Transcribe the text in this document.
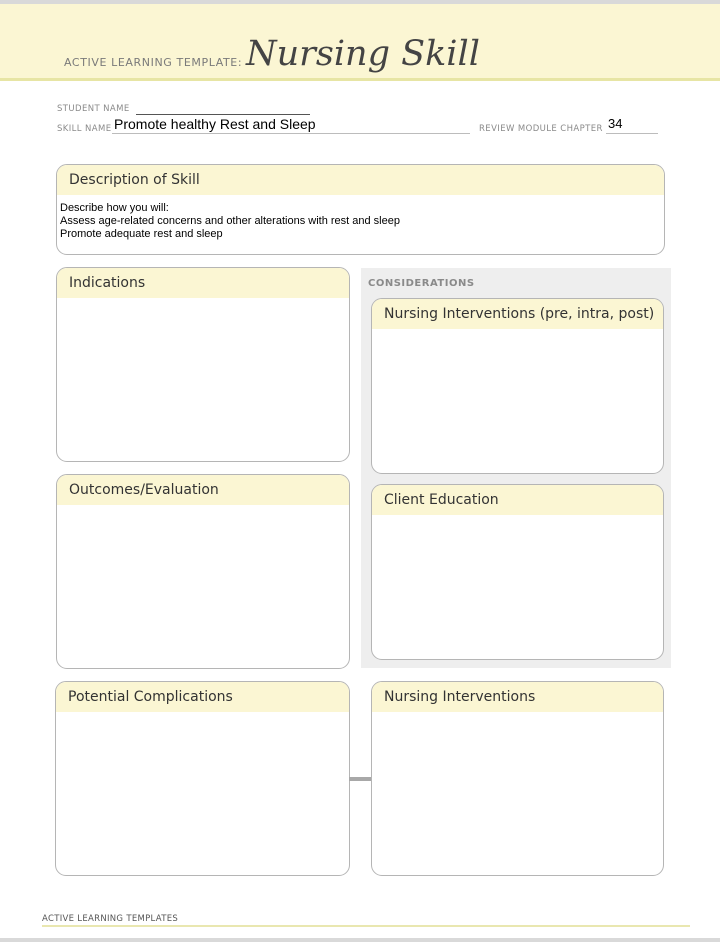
ACTIVE LEARNING TEMPLATE: Nursing Skill
STUDENT NAME
SKILL NAME Promote healthy Rest and Sleep	REVIEW MODULE CHAPTER 34
Description of Skill
Describe how you will:
Assess age-related concerns and other alterations with rest and sleep
Promote adequate rest and sleep
CONSIDERATIONS
Indications
Nursing Interventions (pre, intra, post)
Outcomes/Evaluation
Client Education
Potential Complications	Nursing Interventions
ACTIVE LEARNING TEMPLATES
